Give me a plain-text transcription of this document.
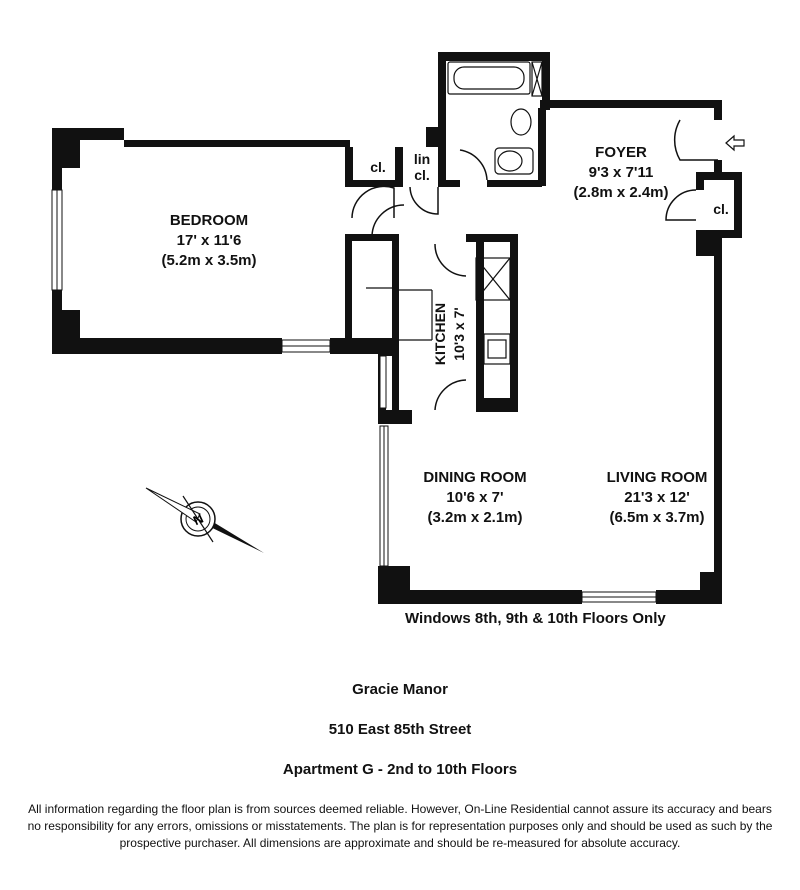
N
FOYER
9'3 x 7'11
(2.8m x 2.4m)
BEDROOM
17' x 11'6
(5.2m x 3.5m)
KITCHEN 10'3 x 7'
DINING ROOM
10'6 x 7'
(3.2m x 2.1m)
LIVING ROOM
21'3 x 12'
(6.5m x 3.7m)
cl.	lin
cl.
cl.
Windows 8th, 9th & 10th Floors Only
Gracie Manor
510 East 85th Street
Apartment G - 2nd to 10th Floors
All information regarding the floor plan is from sources deemed reliable. However, On-Line Residential cannot assure its accuracy and bears no responsibility for any errors, omissions or misstatements. The plan is for representation purposes only and should be used as such by the prospective purchaser. All dimensions are approximate and should be re-measured for absolute accuracy.
